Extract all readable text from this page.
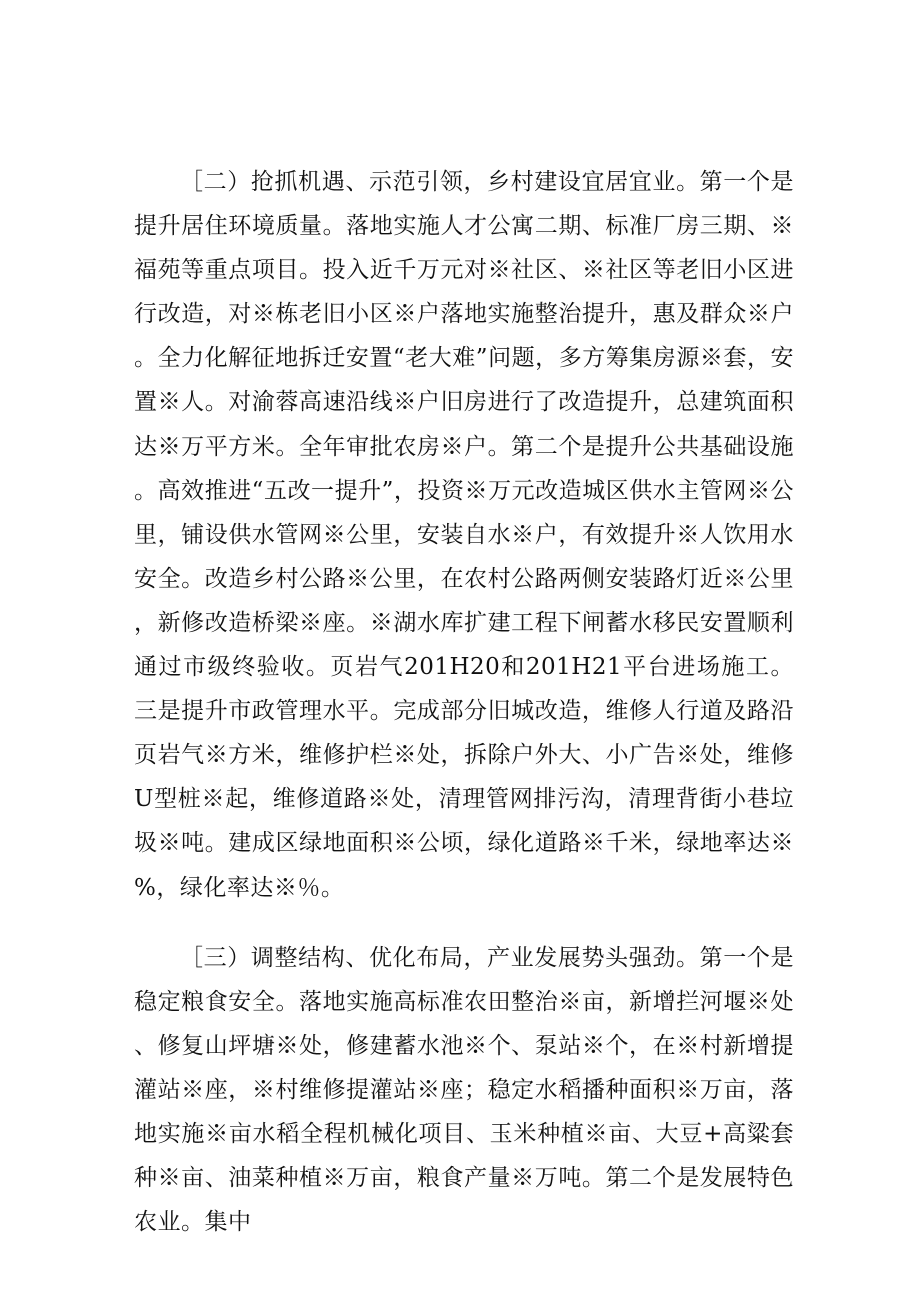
［二）抢抓机遇、示范引领，乡村建设宜居宜业。第一个是提升居住环境质量。落地实施人才公寓二期、标准厂房三期、※福苑等重点项目。投入近千万元对※社区、※社区等老旧小区进行改造，对※栋老旧小区※户落地实施整治提升，惠及群众※户。全力化解征地拆迁安置“老大难”问题，多方筹集房源※套，安置※人。对渝蓉高速沿线※户旧房进行了改造提升，总建筑面积达※万平方米。全年审批农房※户。第二个是提升公共基础设施。高效推进“五改一提升”，投资※万元改造城区供水主管网※公里，铺设供水管网※公里，安装自水※户，有效提升※人饮用水安全。改造乡村公路※公里，在农村公路两侧安装路灯近※公里，新修改造桥梁※座。※湖水库扩建工程下闸蓄水移民安置顺利通过市级终验收。页岩气201H20和201H21平台进场施工。三是提升市政管理水平。完成部分旧城改造，维修人行道及路沿页岩气※方米，维修护栏※处，拆除户外大、小广告※处，维修U型桩※起，维修道路※处，清理管网排污沟，清理背街小巷垃圾※吨。建成区绿地面积※公顷，绿化道路※千米，绿地率达※%，绿化率达※％。

［三）调整结构、优化布局，产业发展势头强劲。第一个是稳定粮食安全。落地实施高标准农田整治※亩，新增拦河堰※处、修复山坪塘※处，修建蓄水池※个、泵站※个，在※村新增提灌站※座，※村维修提灌站※座；稳定水稻播种面积※万亩，落地实施※亩水稻全程机械化项目、玉米种植※亩、大豆+高粱套种※亩、油菜种植※万亩，粮食产量※万吨。第二个是发展特色农业。集中
